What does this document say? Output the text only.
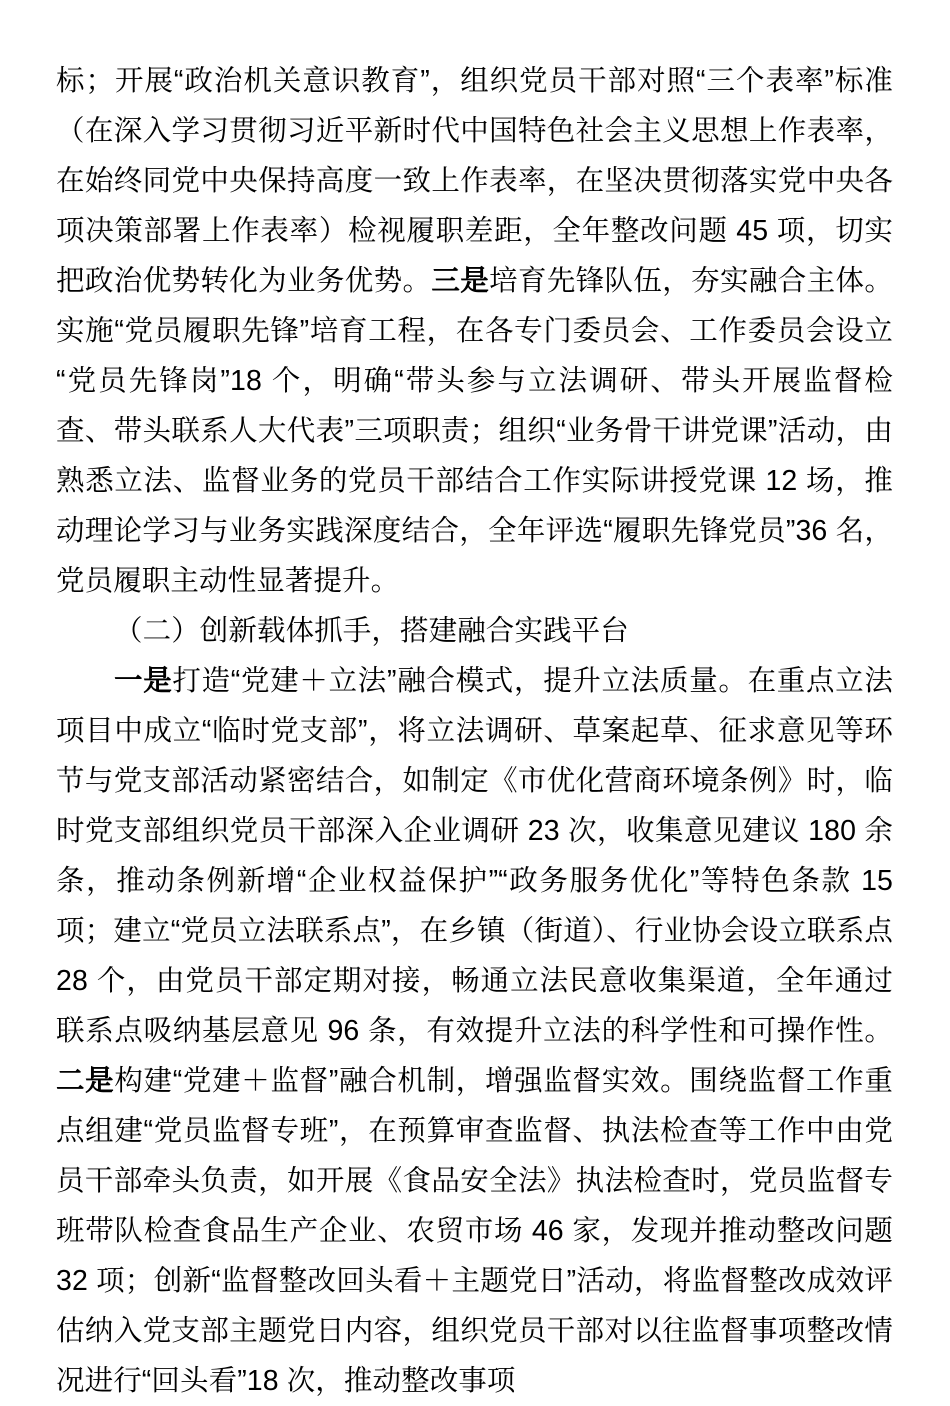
标；开展“政治机关意识教育”，组织党员干部对照“三个表率”标准（在深入学习贯彻习近平新时代中国特色社会主义思想上作表率，在始终同党中央保持高度一致上作表率，在坚决贯彻落实党中央各项决策部署上作表率）检视履职差距，全年整改问题 45 项，切实把政治优势转化为业务优势。三是培育先锋队伍，夯实融合主体。实施“党员履职先锋”培育工程，在各专门委员会、工作委员会设立“党员先锋岗”18 个，明确“带头参与立法调研、带头开展监督检查、带头联系人大代表”三项职责；组织“业务骨干讲党课”活动，由熟悉立法、监督业务的党员干部结合工作实际讲授党课 12 场，推动理论学习与业务实践深度结合，全年评选“履职先锋党员”36 名，党员履职主动性显著提升。

（二）创新载体抓手，搭建融合实践平台

一是打造“党建＋立法”融合模式，提升立法质量。在重点立法项目中成立“临时党支部”，将立法调研、草案起草、征求意见等环节与党支部活动紧密结合，如制定《市优化营商环境条例》时，临时党支部组织党员干部深入企业调研 23 次，收集意见建议 180 余条，推动条例新增“企业权益保护”“政务服务优化”等特色条款 15 项；建立“党员立法联系点”，在乡镇（街道）、行业协会设立联系点 28 个，由党员干部定期对接，畅通立法民意收集渠道，全年通过联系点吸纳基层意见 96 条，有效提升立法的科学性和可操作性。二是构建“党建＋监督”融合机制，增强监督实效。围绕监督工作重点组建“党员监督专班”，在预算审查监督、执法检查等工作中由党员干部牵头负责，如开展《食品安全法》执法检查时，党员监督专班带队检查食品生产企业、农贸市场 46 家，发现并推动整改问题 32 项；创新“监督整改回头看＋主题党日”活动，将监督整改成效评估纳入党支部主题党日内容，组织党员干部对以往监督事项整改情况进行“回头看”18 次，推动整改事项
